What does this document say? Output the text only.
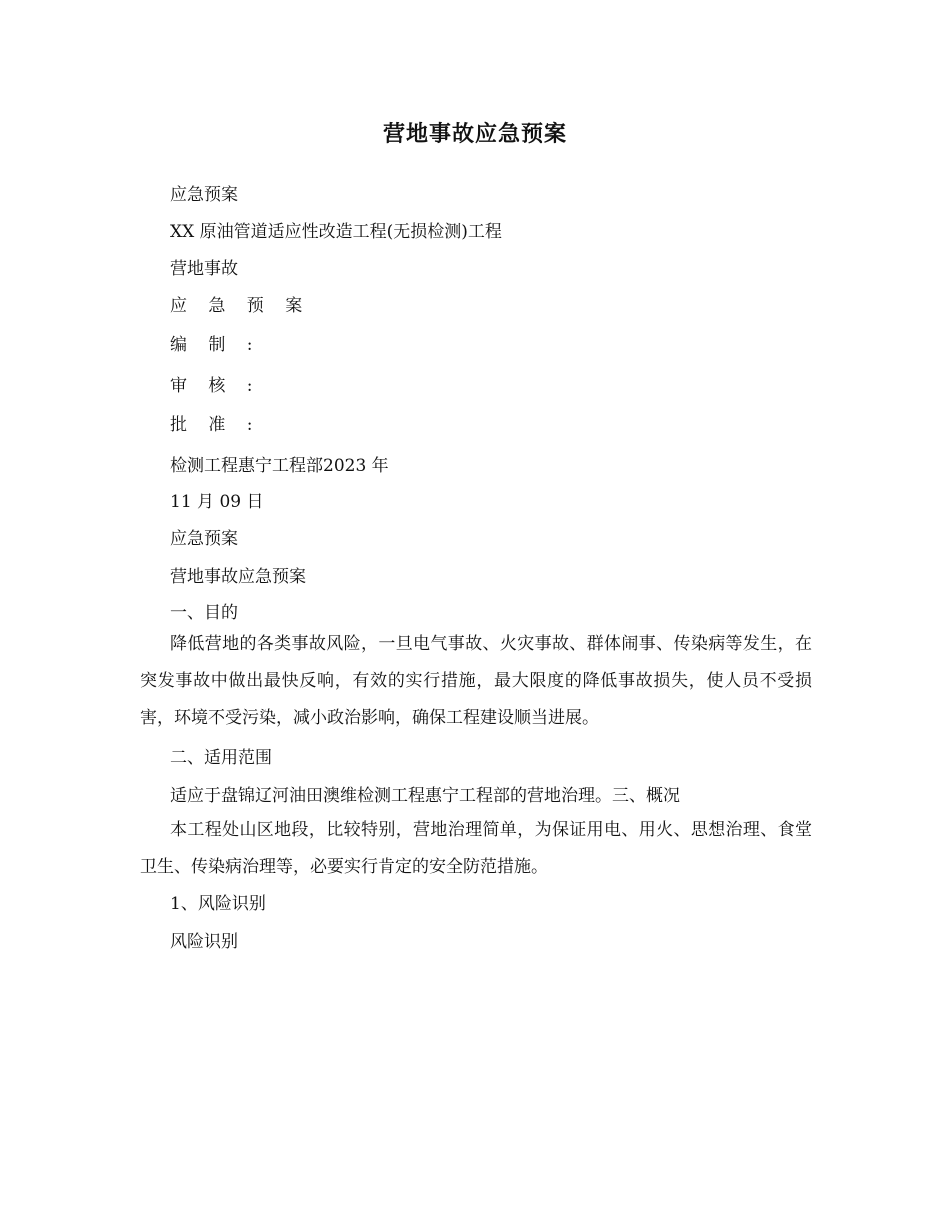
营地事故应急预案
应急预案
XX 原油管道适应性改造工程(无损检测)工程
营地事故
应 急 预 案
编 制 :
审 核 :
批 准 :
检测工程惠宁工程部2023 年
11 月 09 日
应急预案
营地事故应急预案
一、目的
降低营地的各类事故风险，一旦电气事故、火灾事故、群体闹事、传染病等发生，在突发事故中做出最快反响，有效的实行措施，最大限度的降低事故损失，使人员不受损害，环境不受污染，减小政治影响，确保工程建设顺当进展。
二、适用范围
适应于盘锦辽河油田澳维检测工程惠宁工程部的营地治理。三、概况
本工程处山区地段，比较特别，营地治理简单，为保证用电、用火、思想治理、食堂卫生、传染病治理等，必要实行肯定的安全防范措施。
1、风险识别
风险识别
